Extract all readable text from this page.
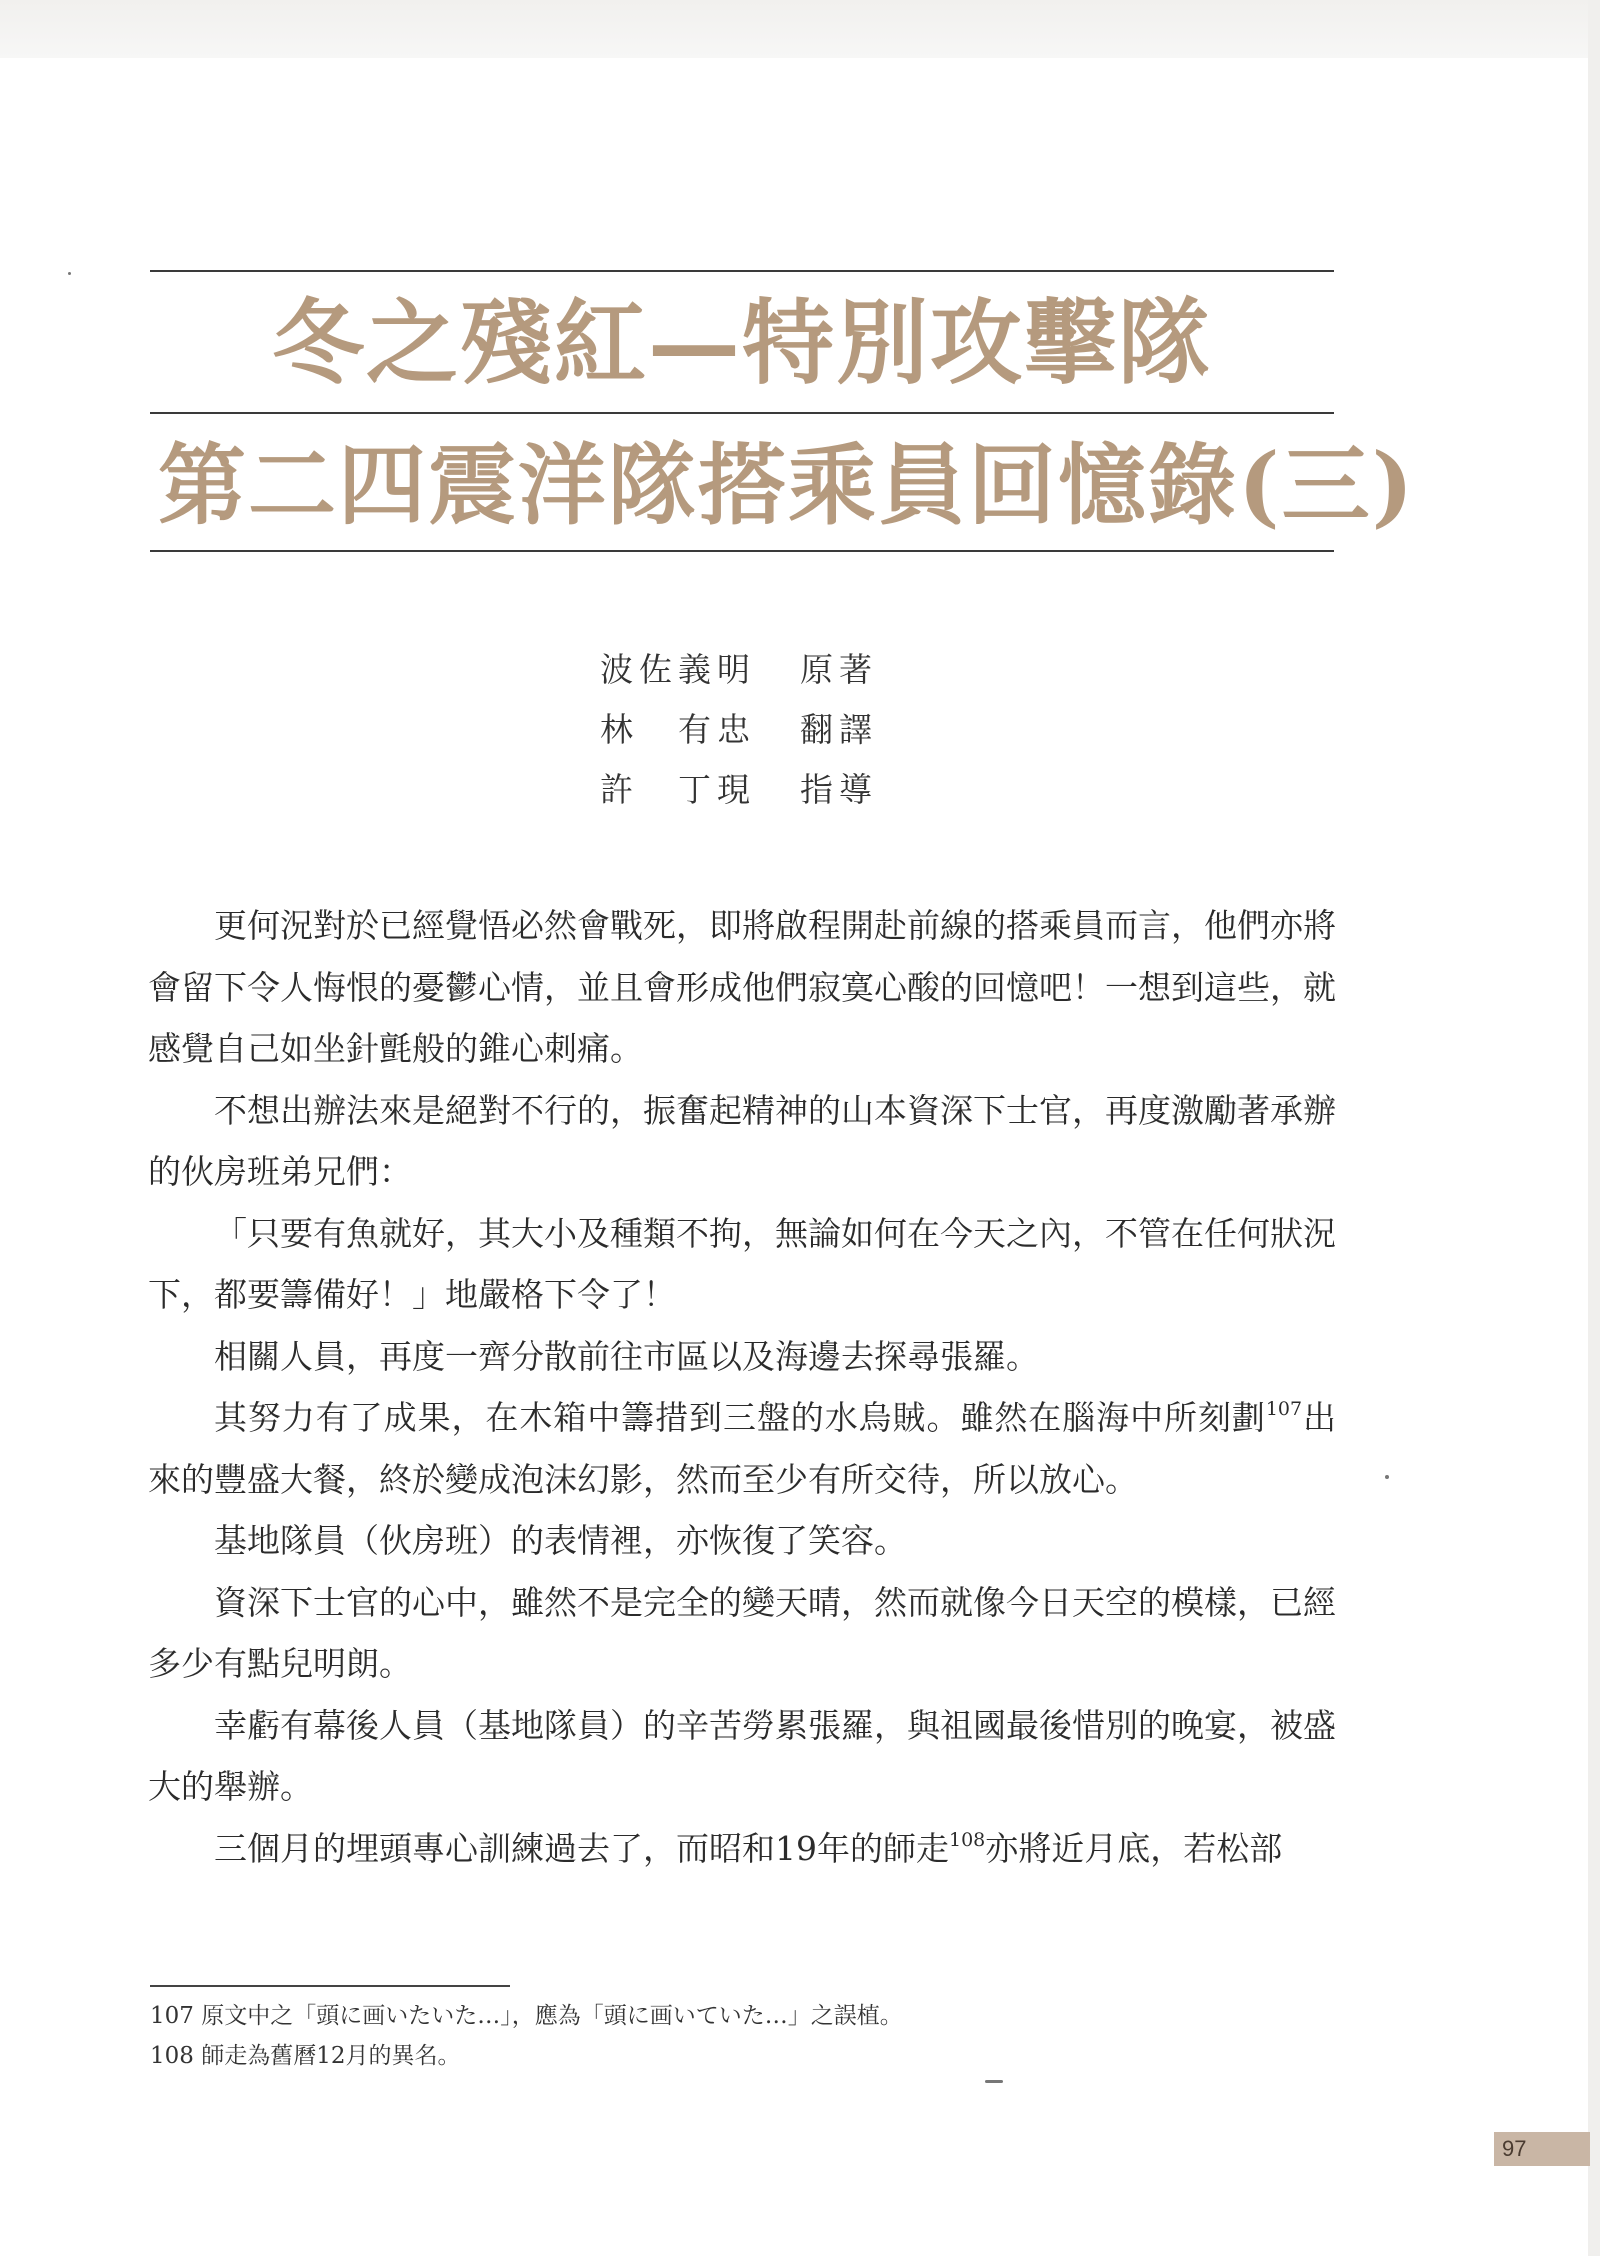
冬之殘紅—特別攻擊隊
第二四震洋隊搭乘員回憶錄(三)
波佐義明	原著
林　有忠	翻譯
許　丁現	指導

更何況對於已經覺悟必然會戰死，即將啟程開赴前線的搭乘員而言，他們亦將會留下令人悔恨的憂鬱心情，並且會形成他們寂寞心酸的回憶吧！一想到這些，就感覺自己如坐針氈般的錐心刺痛。

不想出辦法來是絕對不行的，振奮起精神的山本資深下士官，再度激勵著承辦的伙房班弟兄們：

「只要有魚就好，其大小及種類不拘，無論如何在今天之內，不管在任何狀況下，都要籌備好！」地嚴格下令了！

相關人員，再度一齊分散前往市區以及海邊去探尋張羅。

其努力有了成果，在木箱中籌措到三盤的水烏賊。雖然在腦海中所刻劃$^{107}$出來的豐盛大餐，終於變成泡沫幻影，然而至少有所交待，所以放心。

基地隊員（伙房班）的表情裡，亦恢復了笑容。

資深下士官的心中，雖然不是完全的變天晴，然而就像今日天空的模樣，已經多少有點兒明朗。

幸虧有幕後人員（基地隊員）的辛苦勞累張羅，與祖國最後惜別的晚宴，被盛大的舉辦。

三個月的埋頭專心訓練過去了，而昭和19年的師走$^{108}$亦將近月底，若松部

107 原文中之「頭に画いたいた…」，應為「頭に画いていた…」之誤植。
108 師走為舊曆12月的異名。
97
